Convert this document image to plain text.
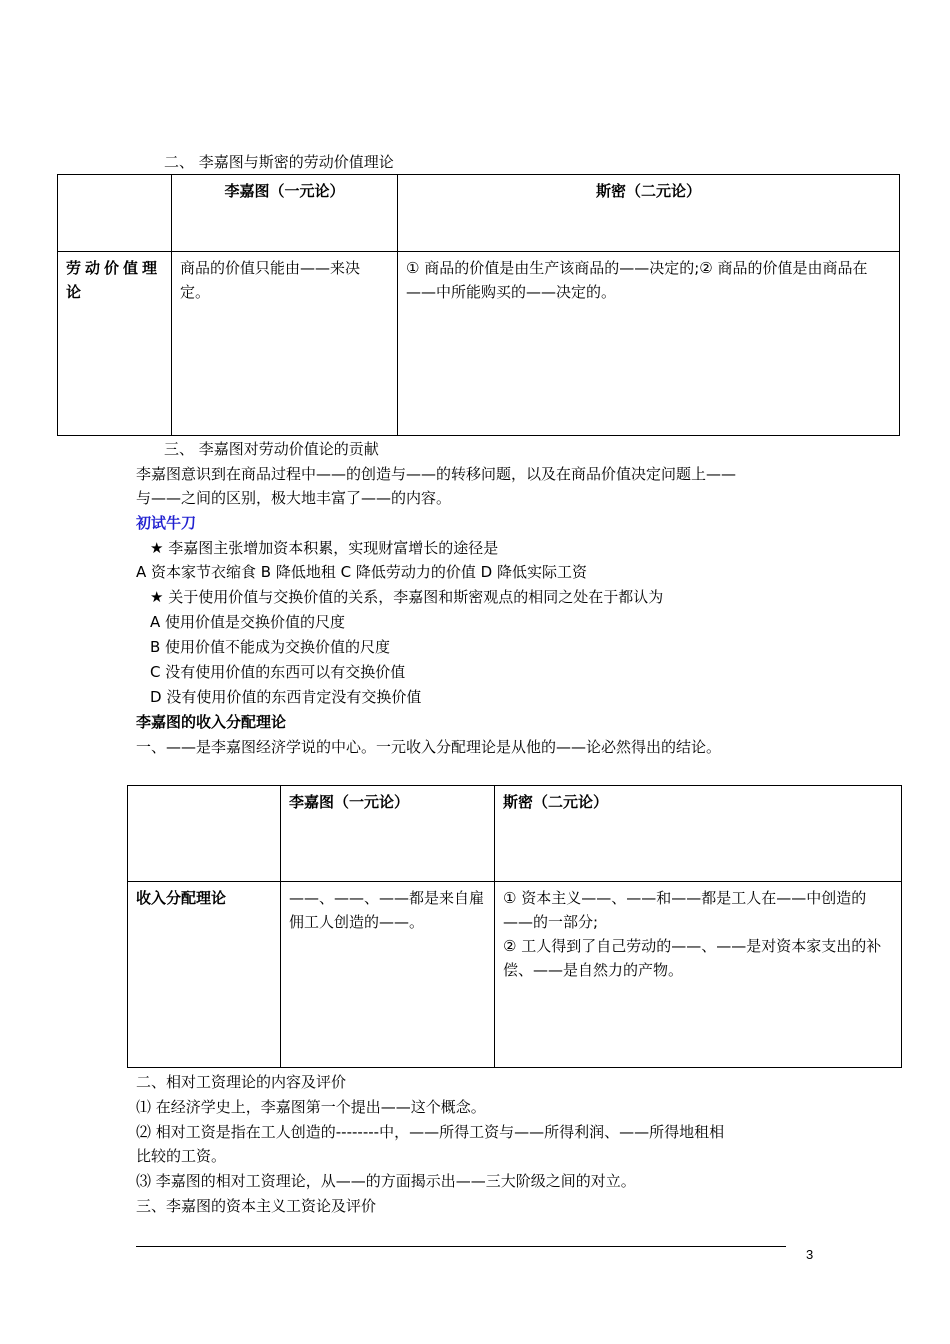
二、 李嘉图与斯密的劳动价值理论
	李嘉图（一元论）	斯密（二元论）
劳动价值理论	商品的价值只能由——来决定。	① 商品的价值是由生产该商品的——决定的;② 商品的价值是由商品在——中所能购买的——决定的。
三、 李嘉图对劳动价值论的贡献
李嘉图意识到在商品过程中——的创造与——的转移问题，以及在商品价值决定问题上——
与——之间的区别，极大地丰富了——的内容。
初试牛刀
★ 李嘉图主张增加资本积累，实现财富增长的途径是
A 资本家节衣缩食 B 降低地租 C 降低劳动力的价值 D 降低实际工资
★ 关于使用价值与交换价值的关系，李嘉图和斯密观点的相同之处在于都认为
A 使用价值是交换价值的尺度
B 使用价值不能成为交换价值的尺度
C 没有使用价值的东西可以有交换价值
D 没有使用价值的东西肯定没有交换价值
李嘉图的收入分配理论
一、——是李嘉图经济学说的中心。一元收入分配理论是从他的——论必然得出的结论。
	李嘉图（一元论）	斯密（二元论）
收入分配理论	——、——、——都是来自雇佣工人创造的——。	① 资本主义——、——和——都是工人在——中创造的——的一部分;
② 工人得到了自己劳动的——、——是对资本家支出的补偿、——是自然力的产物。
二、相对工资理论的内容及评价
⑴ 在经济学史上，李嘉图第一个提出——这个概念。
⑵ 相对工资是指在工人创造的--------中，——所得工资与——所得利润、——所得地租相
比较的工资。
⑶ 李嘉图的相对工资理论，从——的方面揭示出——三大阶级之间的对立。
三、李嘉图的资本主义工资论及评价
3
